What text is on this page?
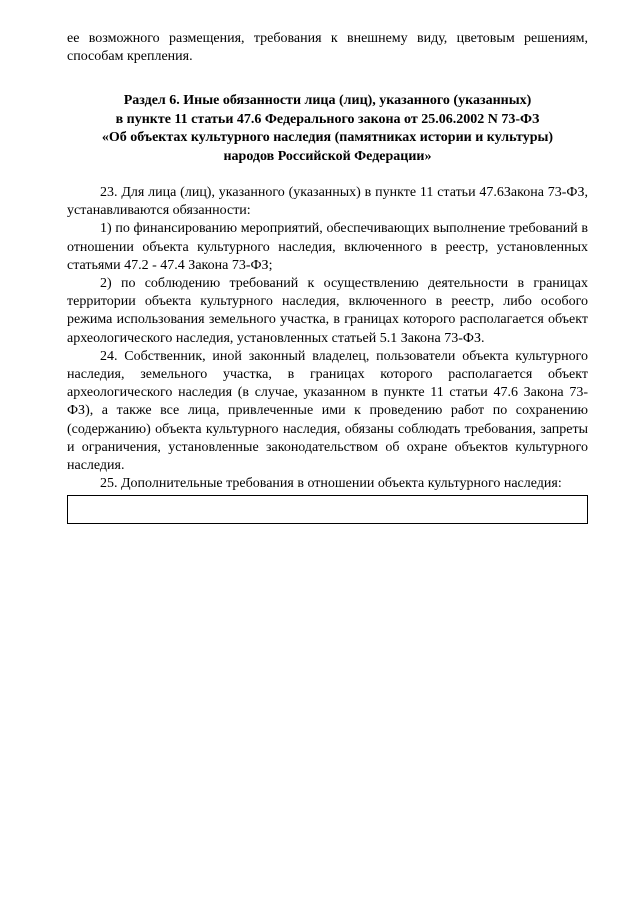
ее возможного размещения, требования к внешнему виду, цветовым решениям, способам крепления.

Раздел 6. Иные обязанности лица (лиц), указанного (указанных)
в пункте 11 статьи 47.6 Федерального закона от 25.06.2002 N 73-ФЗ
«Об объектах культурного наследия (памятниках истории и культуры)
народов Российской Федерации»

23. Для лица (лиц), указанного (указанных) в пункте 11 статьи 47.6Закона 73-ФЗ, устанавливаются обязанности:

1) по финансированию мероприятий, обеспечивающих выполнение требований в отношении объекта культурного наследия, включенного в реестр, установленных статьями 47.2 - 47.4 Закона 73-ФЗ;

2) по соблюдению требований к осуществлению деятельности в границах территории объекта культурного наследия, включенного в реестр, либо особого режима использования земельного участка, в границах которого располагается объект археологического наследия, установленных статьей 5.1 Закона 73-ФЗ.

24. Собственник, иной законный владелец, пользователи объекта культурного наследия, земельного участка, в границах которого располагается объект археологического наследия (в случае, указанном в пункте 11 статьи 47.6 Закона 73-ФЗ), а также все лица, привлеченные ими к проведению работ по сохранению (содержанию) объекта культурного наследия, обязаны соблюдать требования, запреты и ограничения, установленные законодательством об охране объектов культурного наследия.

25. Дополнительные требования в отношении объекта культурного наследия:
